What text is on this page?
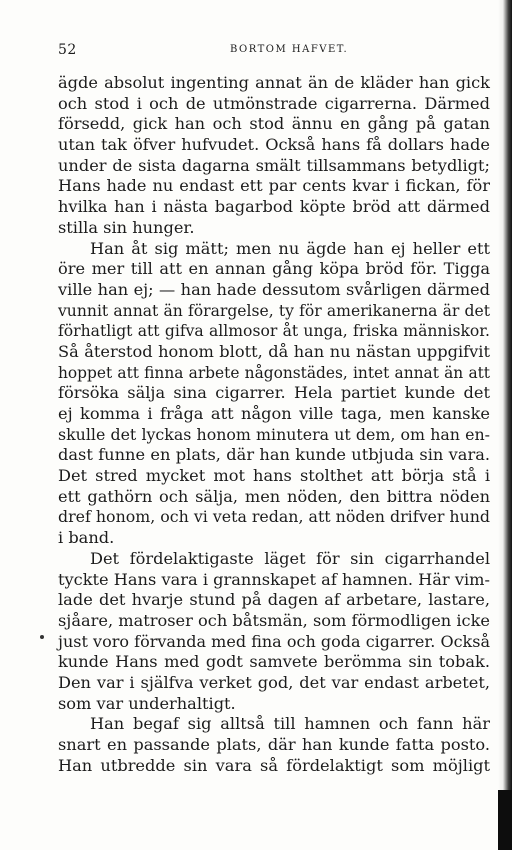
52	BORTOM HAFVET.
ägde absolut ingenting annat än de kläder han gick
och stod i och de utmönstrade cigarrerna. Därmed
försedd, gick han och stod ännu en gång på gatan
utan tak öfver hufvudet. Också hans få dollars hade
under de sista dagarna smält tillsammans betydligt;
Hans hade nu endast ett par cents kvar i fickan, för
hvilka han i nästa bagarbod köpte bröd att därmed
stilla sin hunger.
Han åt sig mätt; men nu ägde han ej heller ett
öre mer till att en annan gång köpa bröd för. Tigga
ville han ej; — han hade dessutom svårligen därmed
vunnit annat än förargelse, ty för amerikanerna är det
förhatligt att gifva allmosor åt unga, friska människor.
Så återstod honom blott, då han nu nästan uppgifvit
hoppet att finna arbete någonstädes, intet annat än att
försöka sälja sina cigarrer. Hela partiet kunde det
ej komma i fråga att någon ville taga, men kanske
skulle det lyckas honom minutera ut dem, om han en-
dast funne en plats, där han kunde utbjuda sin vara.
Det stred mycket mot hans stolthet att börja stå i
ett gathörn och sälja, men nöden, den bittra nöden
dref honom, och vi veta redan, att nöden drifver hund
i band.
Det fördelaktigaste läget för sin cigarrhandel
tyckte Hans vara i grannskapet af hamnen. Här vim-
lade det hvarje stund på dagen af arbetare, lastare,
sjåare, matroser och båtsmän, som förmodligen icke
just voro förvanda med fina och goda cigarrer. Också
kunde Hans med godt samvete berömma sin tobak.
Den var i själfva verket god, det var endast arbetet,
som var underhaltigt.
Han begaf sig alltså till hamnen och fann här
snart en passande plats, där han kunde fatta posto.
Han utbredde sin vara så fördelaktigt som möjligt
